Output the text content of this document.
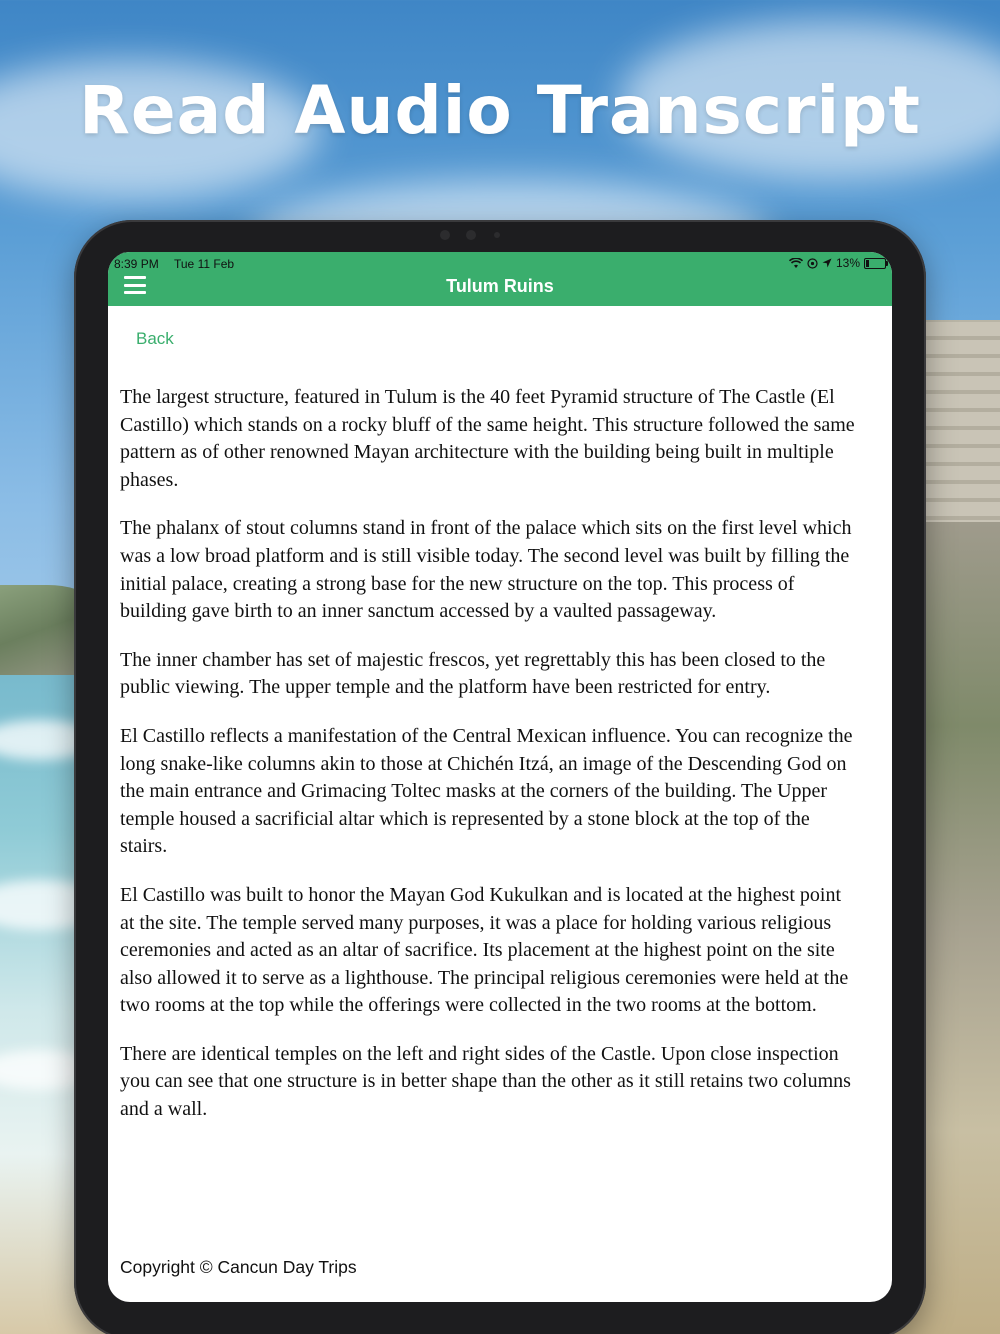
Read Audio Transcript
8:39 PM Tue 11 Feb	13%
Tulum Ruins
Back

The largest structure, featured in Tulum is the 40 feet Pyramid structure of The Castle (El Castillo) which stands on a rocky bluff of the same height. This structure followed the same pattern as of other renowned Mayan architecture with the building being built in multiple phases.

The phalanx of stout columns stand in front of the palace which sits on the first level which was a low broad platform and is still visible today. The second level was built by filling the initial palace, creating a strong base for the new structure on the top. This process of building gave birth to an inner sanctum accessed by a vaulted passageway.

The inner chamber has set of majestic frescos, yet regrettably this has been closed to the public viewing. The upper temple and the platform have been restricted for entry.

El Castillo reflects a manifestation of the Central Mexican influence. You can recognize the long snake-like columns akin to those at Chichén Itzá, an image of the Descending God on the main entrance and Grimacing Toltec masks at the corners of the building. The Upper temple housed a sacrificial altar which is represented by a stone block at the top of the stairs.

El Castillo was built to honor the Mayan God Kukulkan and is located at the highest point at the site. The temple served many purposes, it was a place for holding various religious ceremonies and acted as an altar of sacrifice. Its placement at the highest point on the site also allowed it to serve as a lighthouse. The principal religious ceremonies were held at the two rooms at the top while the offerings were collected in the two rooms at the bottom.

There are identical temples on the left and right sides of the Castle. Upon close inspection you can see that one structure is in better shape than the other as it still retains two columns and a wall.

Copyright © Cancun Day Trips
